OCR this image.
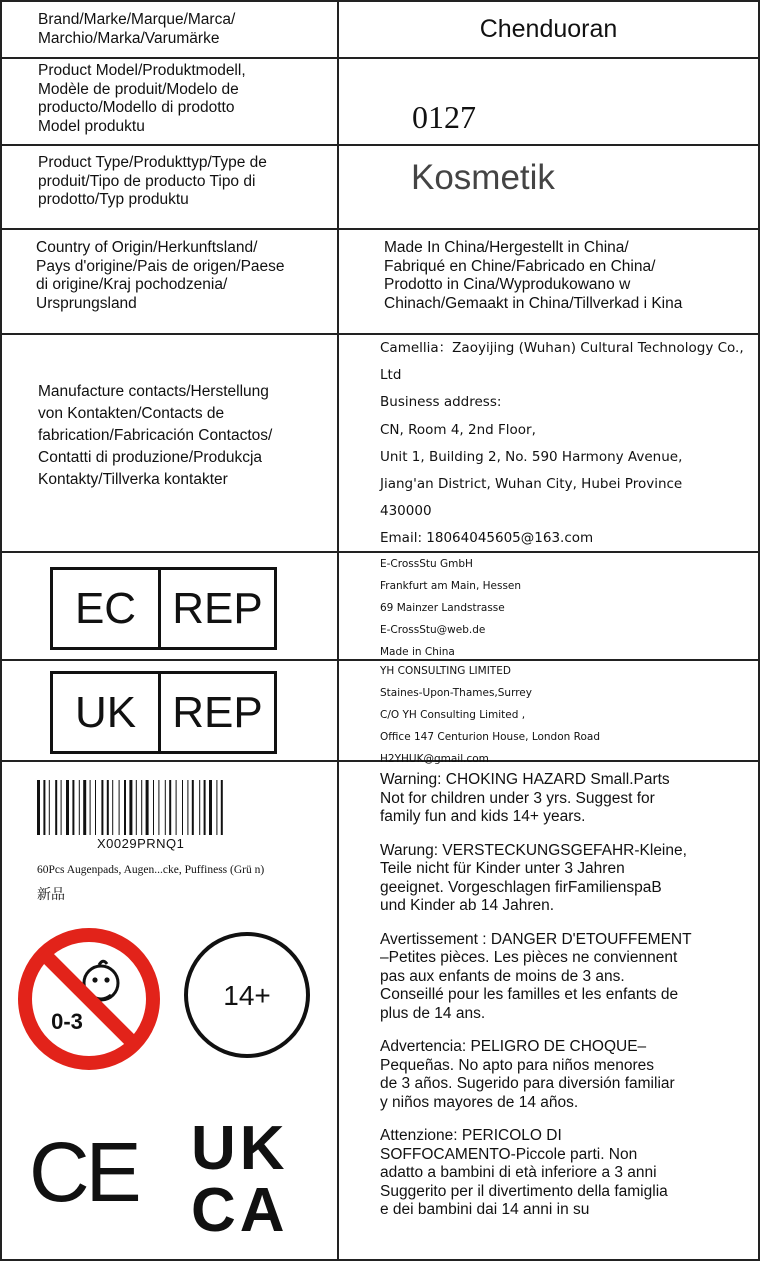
Brand/Marke/Marque/Marca/
Marchio/Marka/Varumärke	Chenduoran
Product Model/Produktmodell,
Modèle de produit/Modelo de
producto/Modello di prodotto
Model produktu	0127
Product Type/Produkttyp/Type de
produit/Tipo de producto Tipo di
prodotto/Typ produktu
Kosmetik
Country of Origin/Herkunftsland/
Pays d'origine/Pais de origen/Paese
di origine/Kraj pochodzenia/
Ursprungsland
Made In China/Hergestellt in China/
Fabriqué en Chine/Fabricado en China/
Prodotto in Cina/Wyprodukowano w
Chinach/Gemaakt in China/Tillverkad i Kina
Manufacture contacts/Herstellung
von Kontakten/Contacts de
fabrication/Fabricación Contactos/
Contatti di produzione/Produkcja
Kontakty/Tillverka kontakter
Camellia：Zaoyijing (Wuhan) Cultural Technology Co.,
Ltd
Business address:
CN, Room 4, 2nd Floor,
Unit 1, Building 2, No. 590 Harmony Avenue,
Jiang'an District, Wuhan City, Hubei Province
430000
Email: 18064045605@163.com
EC REP
E-CrossStu GmbH
Frankfurt am Main, Hessen
69 Mainzer Landstrasse
E-CrossStu@web.de
Made in China
UK REP
YH CONSULTING LIMITED
Staines-Upon-Thames,Surrey
C/O YH Consulting Limited ,
Office 147 Centurion House, London Road
H2YHUK@gmail.com
X0029PRNQ1
60Pcs Augenpads, Augen...cke, Puffiness (Grü n)
新品
0-3
14+
CE UK
CA

Warning: CHOKING HAZARD Small.Parts
Not for children under 3 yrs. Suggest for
family fun and kids 14+ years.

Warung: VERSTECKUNGSGEFAHR-Kleine,
Teile nicht für Kinder unter 3 Jahren
geeignet. Vorgeschlagen firFamilienspaB
und Kinder ab 14 Jahren.

Avertissement : DANGER D'ETOUFFEMENT
–Petites pièces. Les pièces ne conviennent
pas aux enfants de moins de 3 ans.
Conseillé pour les familles et les enfants de
plus de 14 ans.

Advertencia: PELIGRO DE CHOQUE–
Pequeñas. No apto para niños menores
de 3 años. Sugerido para diversión familiar
y niños mayores de 14 años.

Attenzione: PERICOLO DI
SOFFOCAMENTO-Piccole parti. Non
adatto a bambini di età inferiore a 3 anni
Suggerito per il divertimento della famiglia
e dei bambini dai 14 anni in su
